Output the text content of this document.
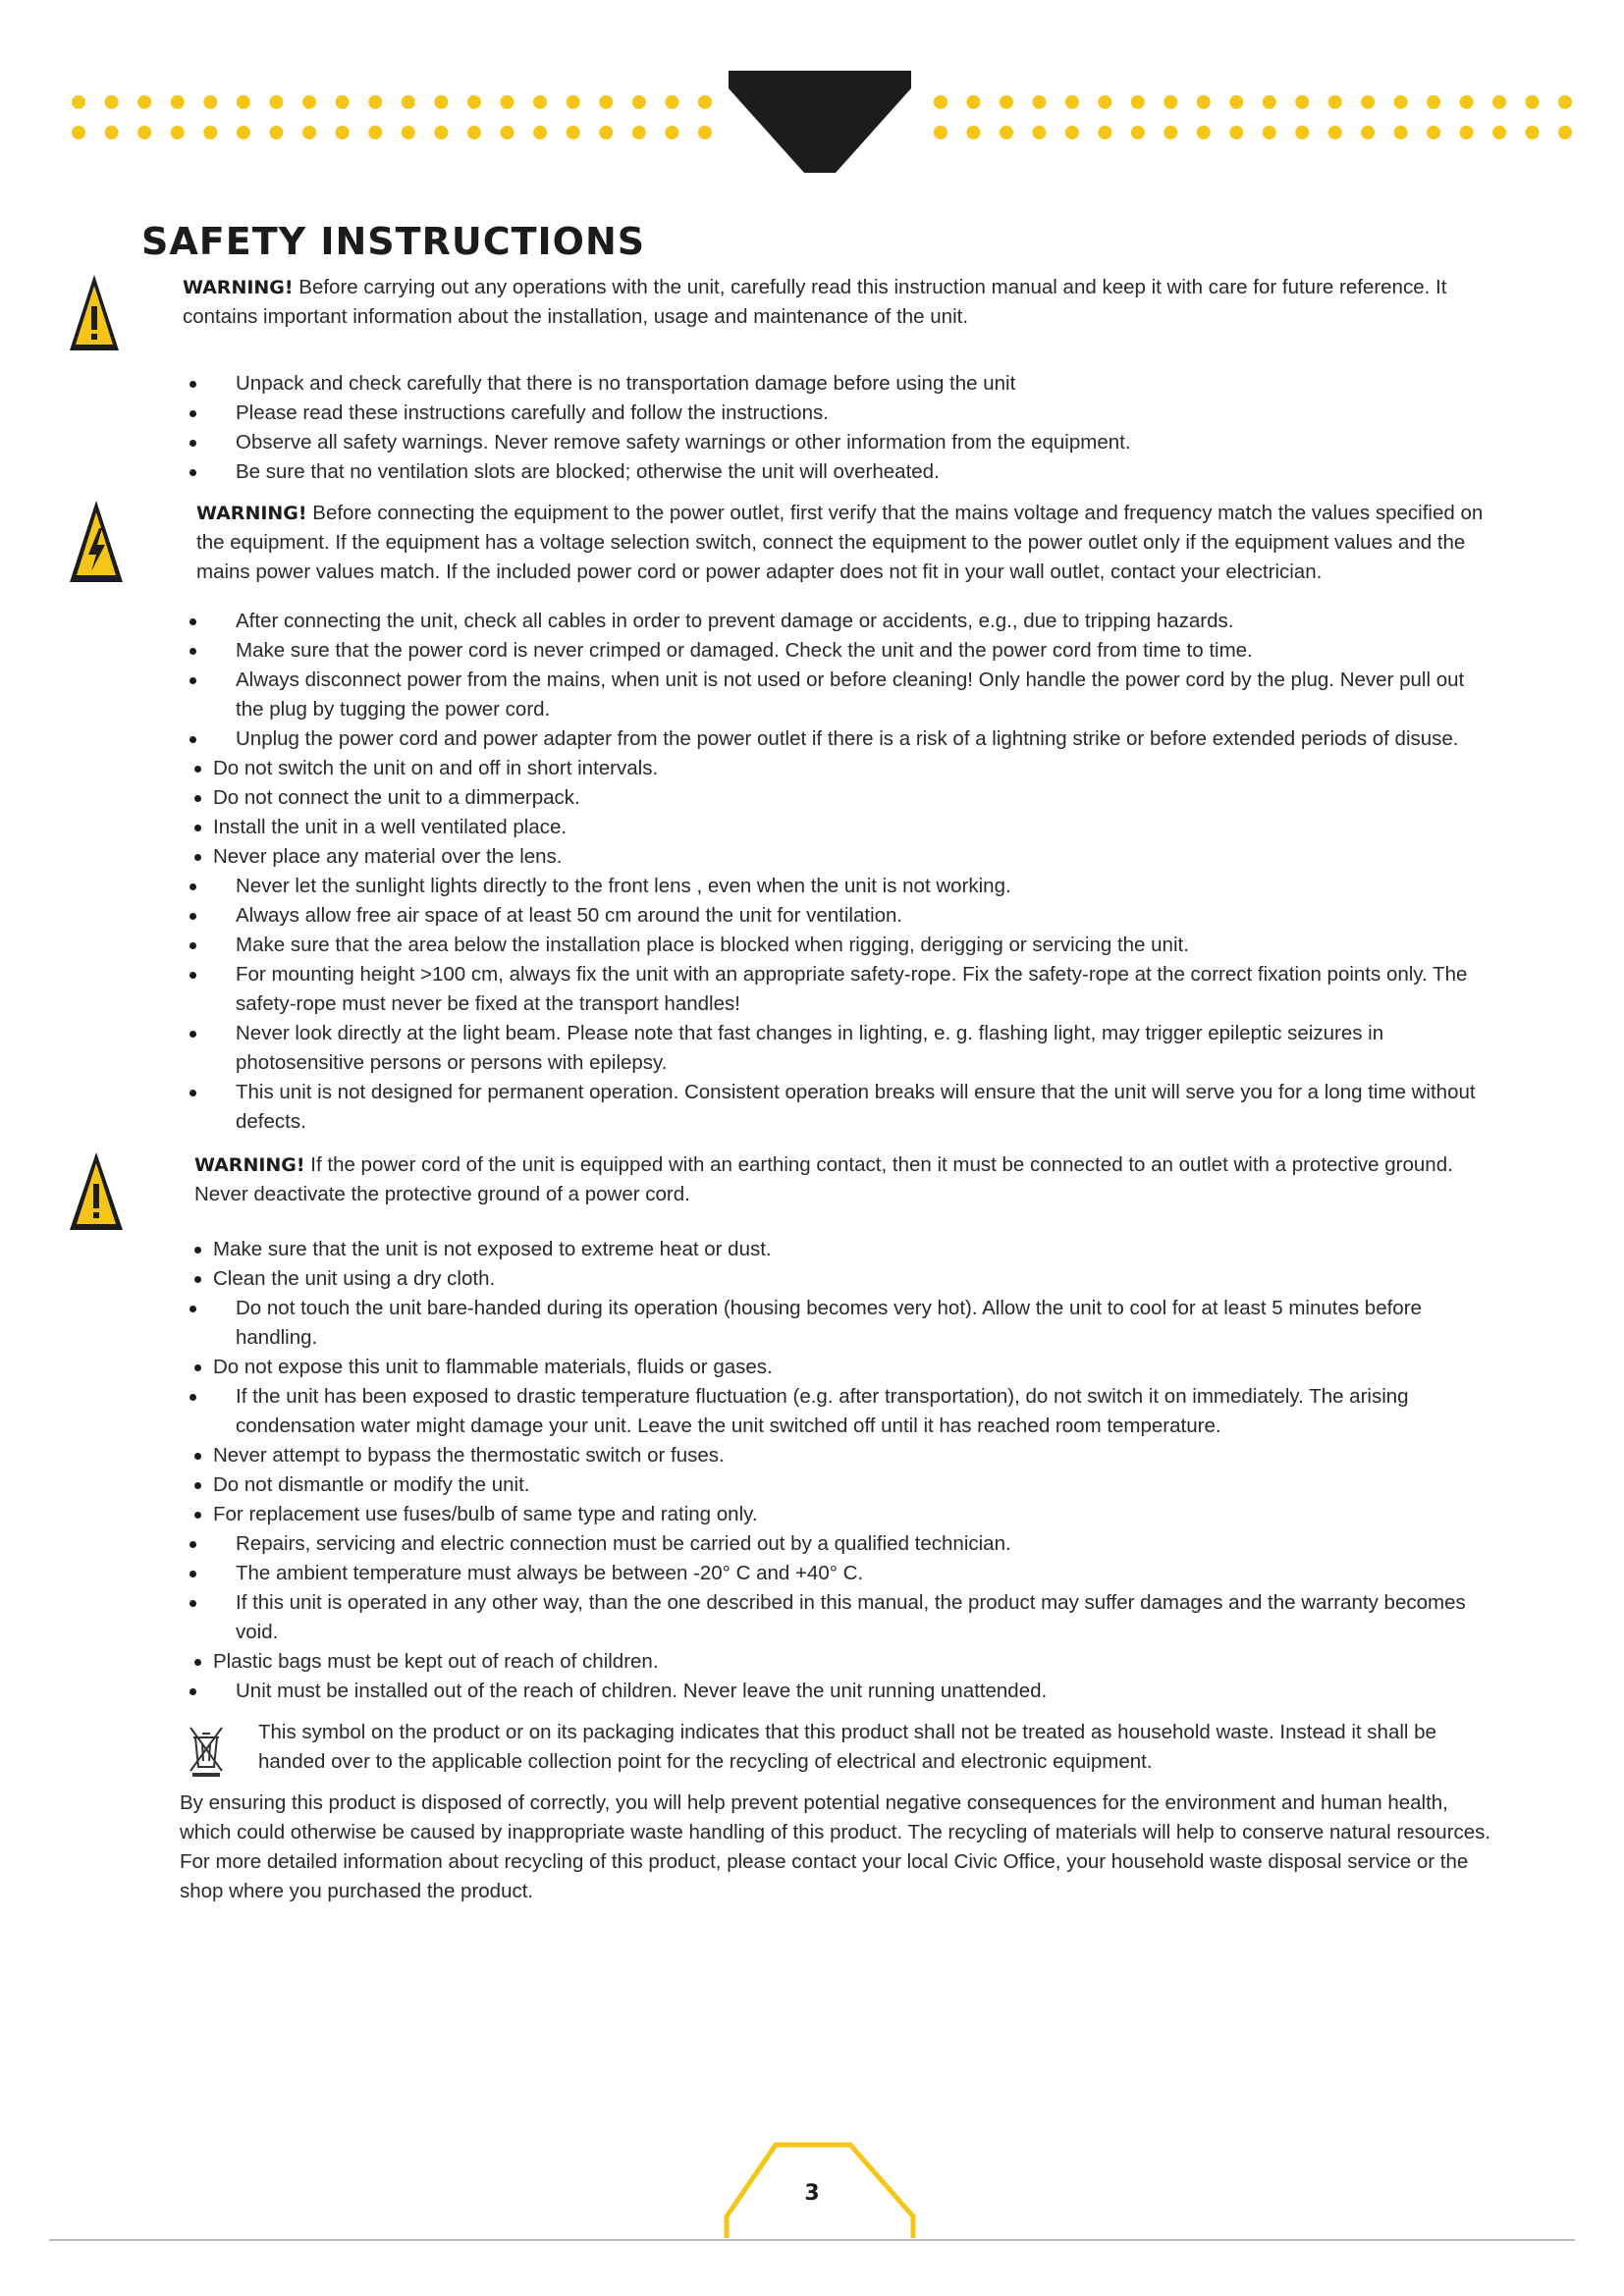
SAFETY INSTRUCTIONS

WARNING! Before carrying out any operations with the unit, carefully read this instruction manual and keep it with care for future reference. It contains important information about the installation, usage and maintenance of the unit.

Unpack and check carefully that there is no transportation damage before using the unit
Please read these instructions carefully and follow the instructions.
Observe all safety warnings. Never remove safety warnings or other information from the equipment.
Be sure that no ventilation slots are blocked; otherwise the unit will overheated.

WARNING! Before connecting the equipment to the power outlet, first verify that the mains voltage and frequency match the values specified on the equipment. If the equipment has a voltage selection switch, connect the equipment to the power outlet only if the equipment values and the mains power values match. If the included power cord or power adapter does not fit in your wall outlet, contact your electrician.

After connecting the unit, check all cables in order to prevent damage or accidents, e.g., due to tripping hazards.
Make sure that the power cord is never crimped or damaged. Check the unit and the power cord from time to time.
Always disconnect power from the mains, when unit is not used or before cleaning! Only handle the power cord by the plug. Never pull out the plug by tugging the power cord.
Unplug the power cord and power adapter from the power outlet if there is a risk of a lightning strike or before extended periods of disuse.
Do not switch the unit on and off in short intervals.
Do not connect the unit to a dimmerpack.
Install the unit in a well ventilated place.
Never place any material over the lens.
Never let the sunlight lights directly to the front lens , even when the unit is not working.
Always allow free air space of at least 50 cm around the unit for ventilation.
Make sure that the area below the installation place is blocked when rigging, derigging or servicing the unit.
For mounting height >100 cm, always fix the unit with an appropriate safety-rope. Fix the safety-rope at the correct fixation points only. The safety-rope must never be fixed at the transport handles!
Never look directly at the light beam. Please note that fast changes in lighting, e. g. flashing light, may trigger epileptic seizures in photosensitive persons or persons with epilepsy.
This unit is not designed for permanent operation. Consistent operation breaks will ensure that the unit will serve you for a long time without defects.

WARNING! If the power cord of the unit is equipped with an earthing contact, then it must be connected to an outlet with a protective ground. Never deactivate the protective ground of a power cord.

Make sure that the unit is not exposed to extreme heat or dust.
Clean the unit using a dry cloth.
Do not touch the unit bare-handed during its operation (housing becomes very hot). Allow the unit to cool for at least 5 minutes before handling.
Do not expose this unit to flammable materials, fluids or gases.
If the unit has been exposed to drastic temperature fluctuation (e.g. after transportation), do not switch it on immediately. The arising condensation water might damage your unit. Leave the unit switched off until it has reached room temperature.
Never attempt to bypass the thermostatic switch or fuses.
Do not dismantle or modify the unit.
For replacement use fuses/bulb of same type and rating only.
Repairs, servicing and electric connection must be carried out by a qualified technician.
The ambient temperature must always be between -20° C and +40° C.
If this unit is operated in any other way, than the one described in this manual, the product may suffer damages and the warranty becomes void.
Plastic bags must be kept out of reach of children.
Unit must be installed out of the reach of children. Never leave the unit running unattended.

This symbol on the product or on its packaging indicates that this product shall not be treated as household waste. Instead it shall be handed over to the applicable collection point for the recycling of electrical and electronic equipment.

By ensuring this product is disposed of correctly, you will help prevent potential negative consequences for the environment and human health, which could otherwise be caused by inappropriate waste handling of this product. The recycling of materials will help to conserve natural resources. For more detailed information about recycling of this product, please contact your local Civic Office, your household waste disposal service or the shop where you purchased the product.

3
